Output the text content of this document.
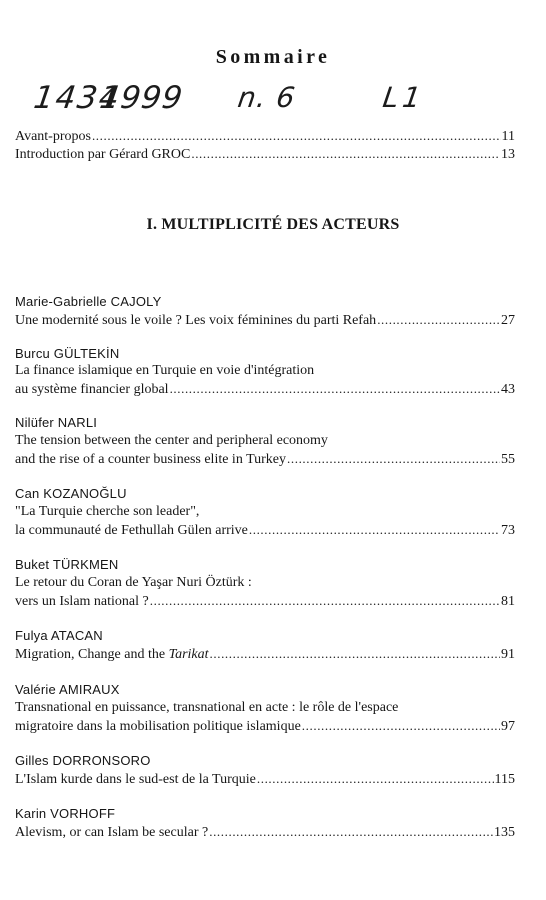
Sommaire
1434
1999 n. 6	L1
Avant-propos .....	11
Introduction par Gérard GROC .....	13
I. MULTIPLICITÉ DES ACTEURS
Marie-Gabrielle CAJOLY
Une modernité sous le voile ? Les voix féminines du parti Refah .....	27
Burcu GÜLTEKİN
La finance islamique en Turquie en voie d'intégration
au système financier global .....	43
Nilüfer NARLI
The tension between the center and peripheral economy
and the rise of a counter business elite in Turkey .....	55
Can KOZANOĞLU
"La Turquie cherche son leader",
la communauté de Fethullah Gülen arrive .....	73
Buket TÜRKMEN
Le retour du Coran de Yaşar Nuri Öztürk :
vers un Islam national ? .....	81
Fulya ATACAN
Migration, Change and the Tarikat .....	91
Valérie AMIRAUX
Transnational en puissance, transnational en acte : le rôle de l'espace
migratoire dans la mobilisation politique islamique .....	97
Gilles DORRONSORO
L'Islam kurde dans le sud-est de la Turquie .....	115
Karin VORHOFF
Alevism, or can Islam be secular ? .....	135
